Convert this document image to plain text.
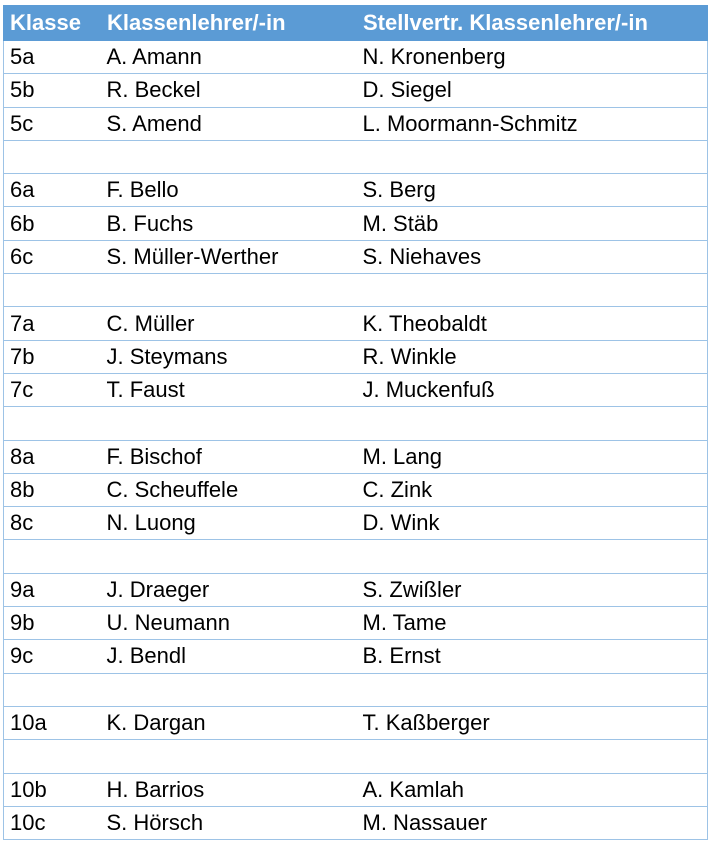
Klasse	Klassenlehrer/-in	Stellvertr. Klassenlehrer/-in
5a	A. Amann	N. Kronenberg
5b	R. Beckel	D. Siegel
5c	S. Amend	L. Moormann-Schmitz

6a	F. Bello	S. Berg
6b	B. Fuchs	M. Stäb
6c	S. Müller-Werther	S. Niehaves

7a	C. Müller	K. Theobaldt
7b	J. Steymans	R. Winkle
7c	T. Faust	J. Muckenfuß

8a	F. Bischof	M. Lang
8b	C. Scheuffele	C. Zink
8c	N. Luong	D. Wink

9a	J. Draeger	S. Zwißler
9b	U. Neumann	M. Tame
9c	J. Bendl	B. Ernst

10a	K. Dargan	T. Kaßberger

10b	H. Barrios	A. Kamlah
10c	S. Hörsch	M. Nassauer
